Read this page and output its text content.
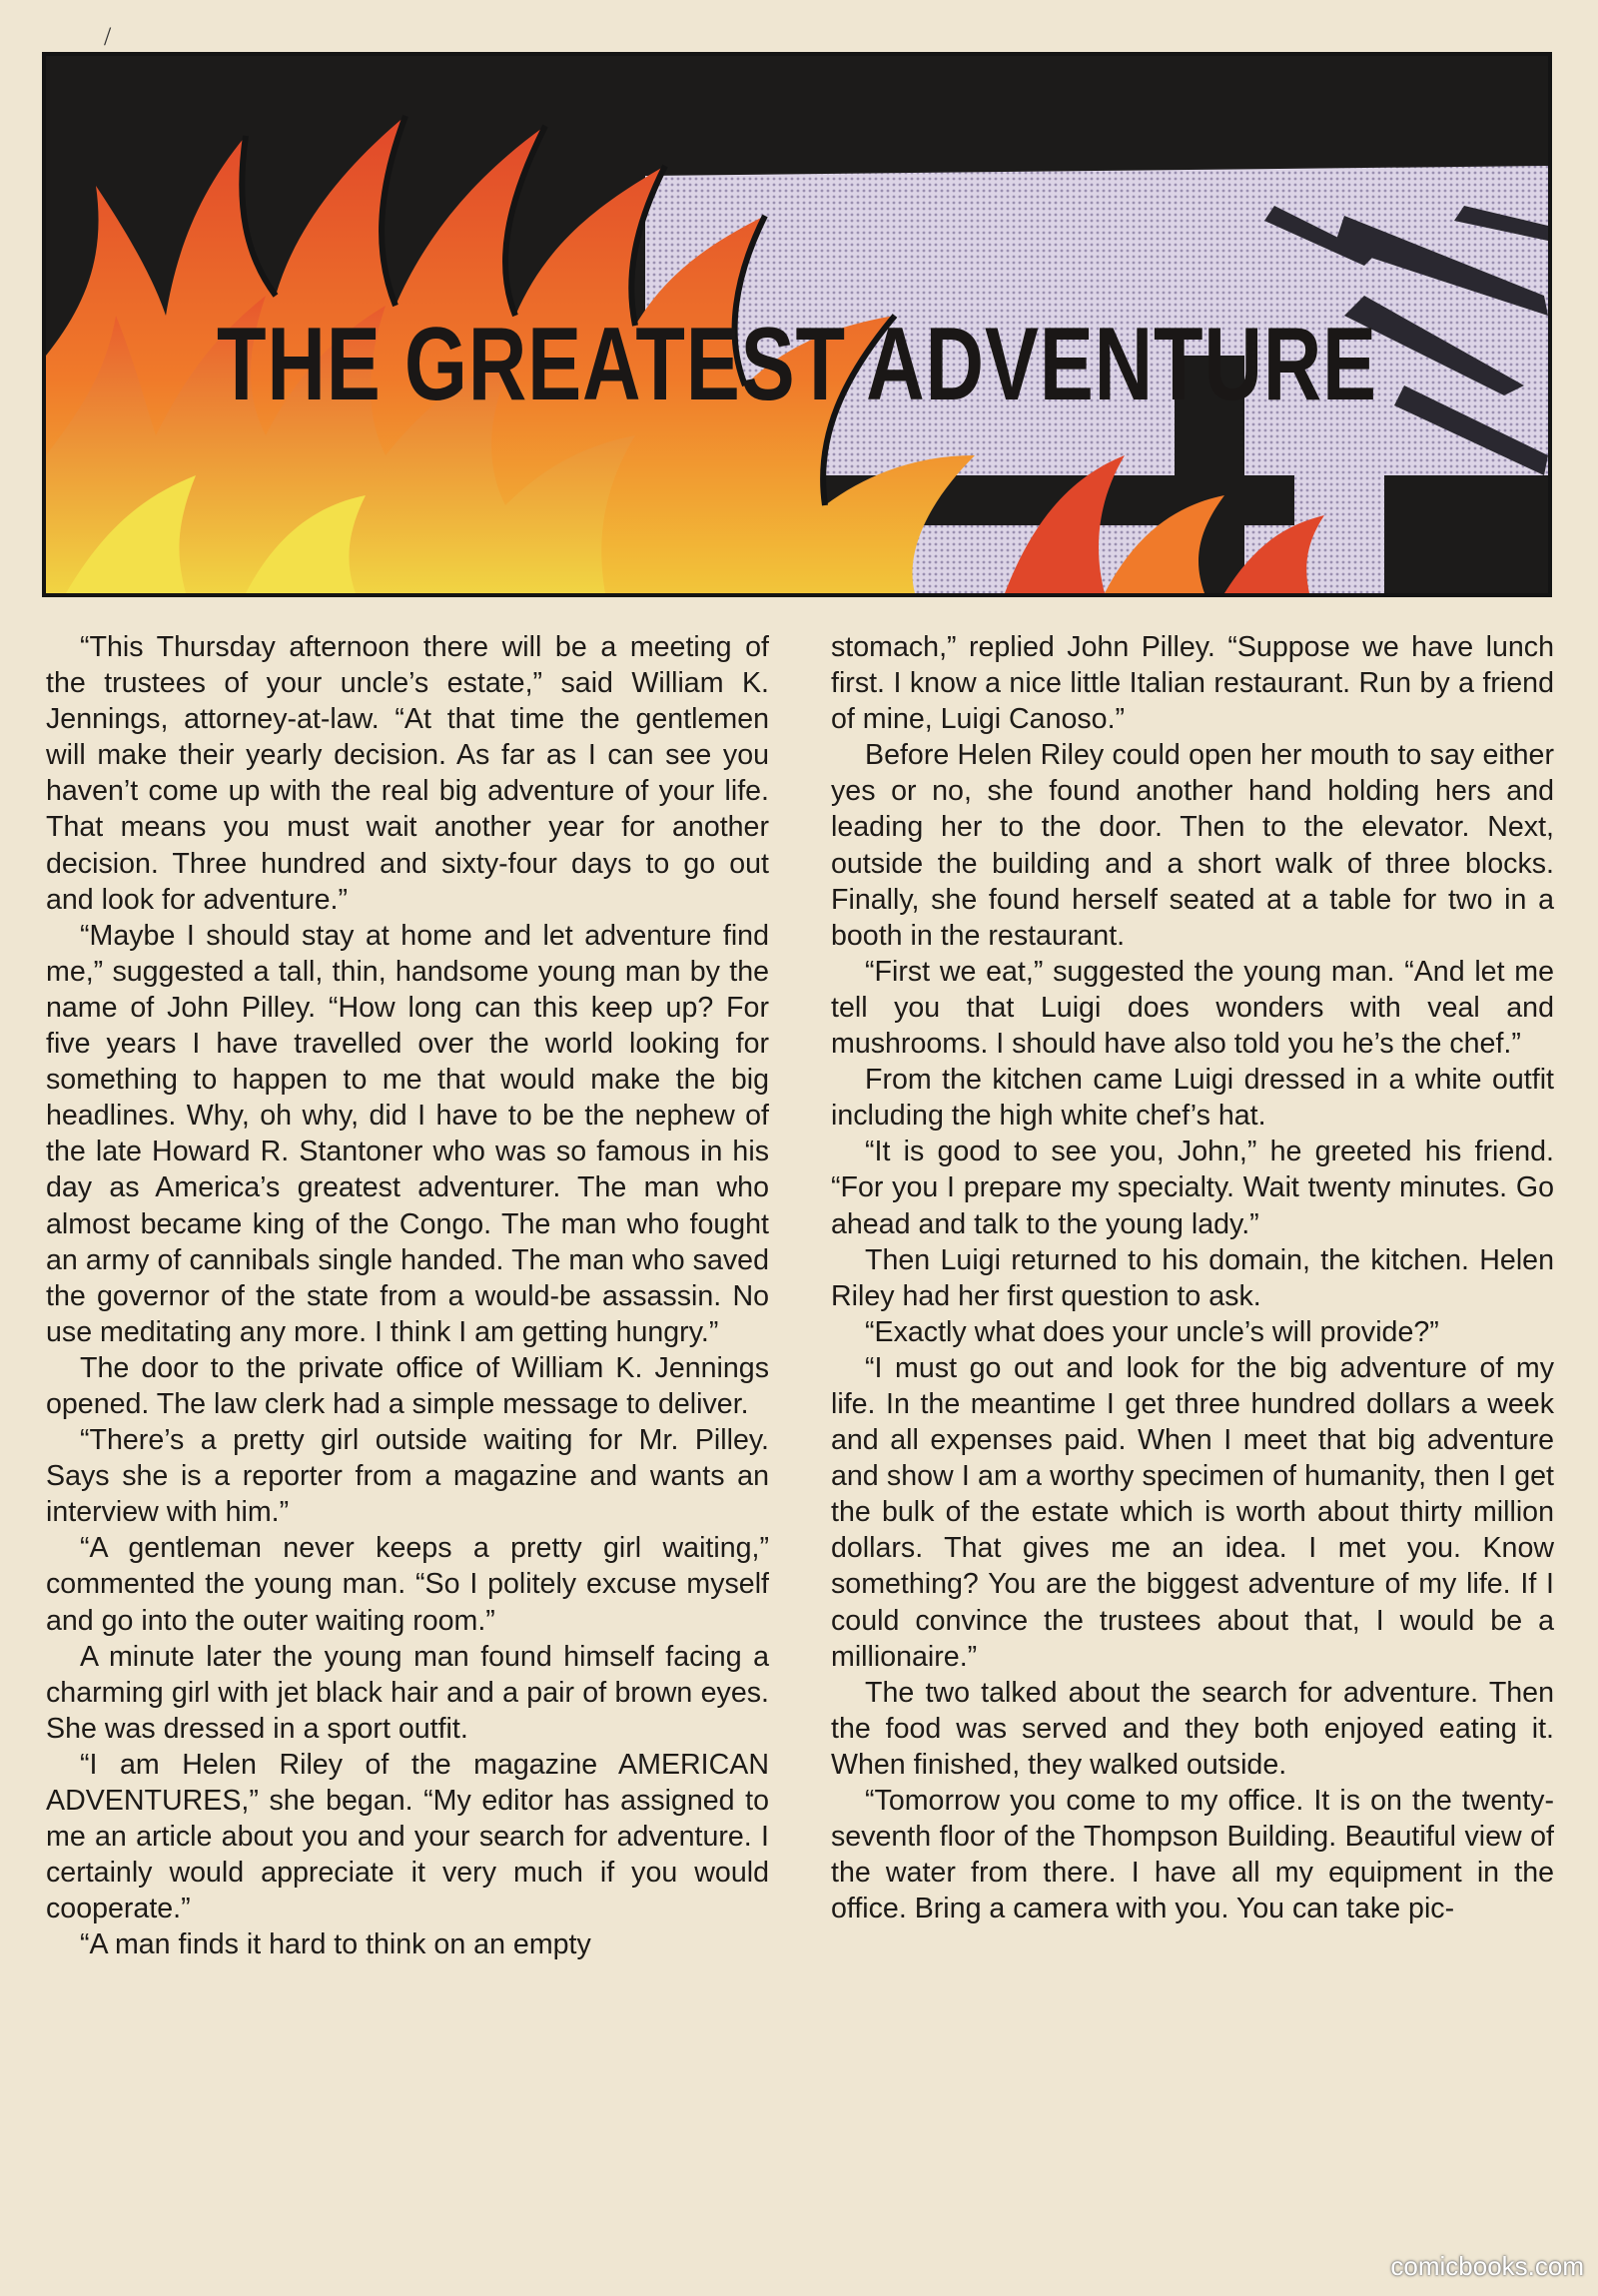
/
THE GREATEST ADVENTURE

“This Thursday afternoon there will be a meeting of the trustees of your uncle’s estate,” said William K. Jennings, attorney-at-law. “At that time the gentlemen will make their yearly decision. As far as I can see you haven’t come up with the real big adventure of your life. That means you must wait another year for another decision. Three hundred and sixty-four days to go out and look for adventure.”

“Maybe I should stay at home and let adventure find me,” suggested a tall, thin, handsome young man by the name of John Pilley. “How long can this keep up? For five years I have travelled over the world looking for something to happen to me that would make the big headlines. Why, oh why, did I have to be the nephew of the late Howard R. Stantoner who was so famous in his day as America’s greatest adventurer. The man who almost became king of the Congo. The man who fought an army of cannibals single handed. The man who saved the governor of the state from a would-be assassin. No use meditating any more. I think I am getting hungry.”

The door to the private office of William K. Jennings opened. The law clerk had a simple message to deliver.

“There’s a pretty girl outside waiting for Mr. Pilley. Says she is a reporter from a magazine and wants an interview with him.”

“A gentleman never keeps a pretty girl waiting,” commented the young man. “So I politely excuse myself and go into the outer waiting room.”

A minute later the young man found himself facing a charming girl with jet black hair and a pair of brown eyes. She was dressed in a sport outfit.

“I am Helen Riley of the magazine AMERICAN ADVENTURES,” she began. “My editor has assigned to me an article about you and your search for adventure. I certainly would appreciate it very much if you would cooperate.”

“A man finds it hard to think on an empty

stomach,” replied John Pilley. “Suppose we have lunch first. I know a nice little Italian restaurant. Run by a friend of mine, Luigi Canoso.”

Before Helen Riley could open her mouth to say either yes or no, she found another hand holding hers and leading her to the door. Then to the elevator. Next, outside the building and a short walk of three blocks. Finally, she found herself seated at a table for two in a booth in the restaurant.

“First we eat,” suggested the young man. “And let me tell you that Luigi does wonders with veal and mushrooms. I should have also told you he’s the chef.”

From the kitchen came Luigi dressed in a white outfit including the high white chef’s hat.

“It is good to see you, John,” he greeted his friend. “For you I prepare my specialty. Wait twenty minutes. Go ahead and talk to the young lady.”

Then Luigi returned to his domain, the kitchen. Helen Riley had her first question to ask.

“Exactly what does your uncle’s will provide?”

“I must go out and look for the big adventure of my life. In the meantime I get three hundred dollars a week and all expenses paid. When I meet that big adventure and show I am a worthy specimen of humanity, then I get the bulk of the estate which is worth about thirty million dollars. That gives me an idea. I met you. Know something? You are the biggest adventure of my life. If I could convince the trustees about that, I would be a millionaire.”

The two talked about the search for adventure. Then the food was served and they both enjoyed eating it. When finished, they walked outside.

“Tomorrow you come to my office. It is on the twenty-seventh floor of the Thompson Building. Beautiful view of the water from there. I have all my equipment in the office. Bring a camera with you. You can take pic-

comicbooks.com
